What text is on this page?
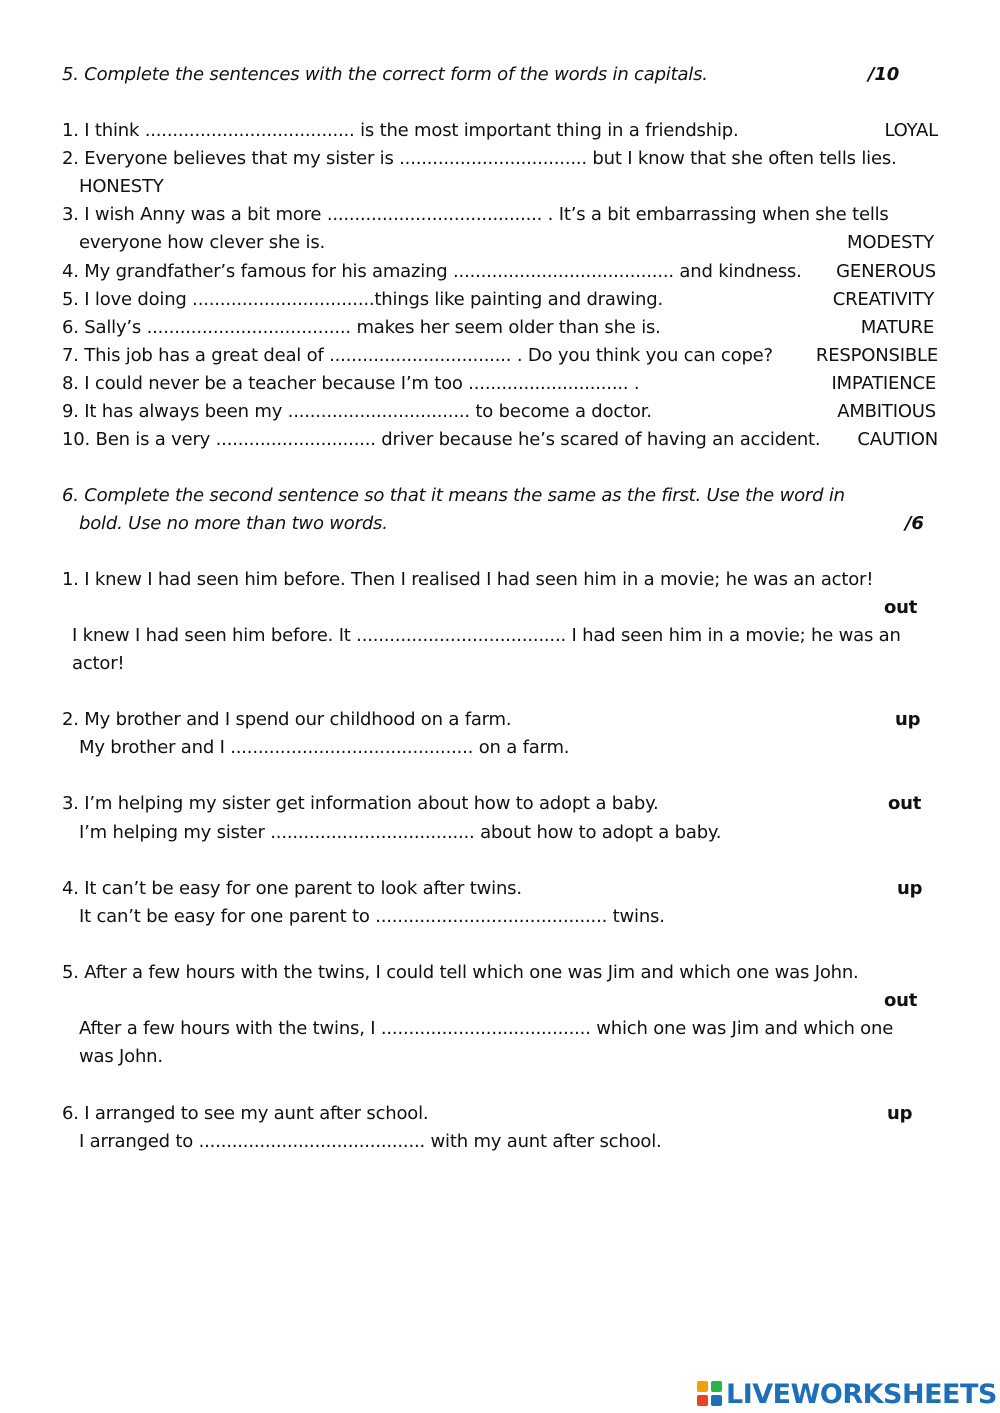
5. Complete the sentences with the correct form of the words in capitals.	/10
1. I think ...................................... is the most important thing in a friendship.	LOYAL
2. Everyone believes that my sister is .................................. but I know that she often tells lies.
HONESTY
3. I wish Anny was a bit more ....................................... . It’s a bit embarrassing when she tells
everyone how clever she is.	MODESTY
4. My grandfather’s famous for his amazing ........................................ and kindness. GENEROUS
5. I love doing .................................things like painting and drawing.	CREATIVITY
6. Sally’s ..................................... makes her seem older than she is.	MATURE
7. This job has a great deal of ................................. . Do you think you can cope? RESPONSIBLE
8. I could never be a teacher because I’m too ............................. .	IMPATIENCE
9. It has always been my ................................. to become a doctor.	AMBITIOUS
10. Ben is a very ............................. driver because he’s scared of having an accident. CAUTION
6. Complete the second sentence so that it means the same as the first. Use the word in
bold. Use no more than two words.	/6
1. I knew I had seen him before. Then I realised I had seen him in a movie; he was an actor!
out
I knew I had seen him before. It ...................................... I had seen him in a movie; he was an
actor!
2. My brother and I spend our childhood on a farm.	up
My brother and I ............................................ on a farm.
3. I’m helping my sister get information about how to adopt a baby.	out
I’m helping my sister ..................................... about how to adopt a baby.
4. It can’t be easy for one parent to look after twins.	up
It can’t be easy for one parent to .......................................... twins.
5. After a few hours with the twins, I could tell which one was Jim and which one was John.
out
After a few hours with the twins, I ...................................... which one was Jim and which one
was John.
6. I arranged to see my aunt after school.	up
I arranged to ......................................... with my aunt after school.
LIVEWORKSHEETS
